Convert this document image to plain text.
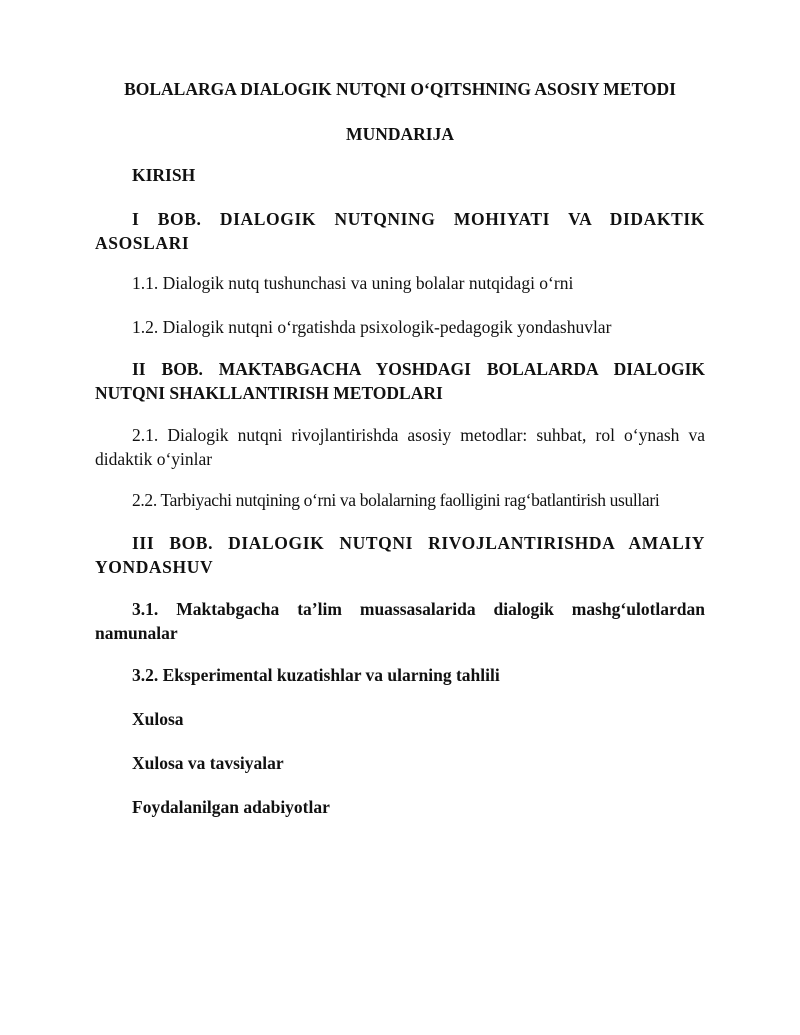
BOLALARGA DIALOGIK NUTQNI O‘QITSHNING ASOSIY METODI
MUNDARIJA
KIRISH
I BOB. DIALOGIK NUTQNING MOHIYATI VA DIDAKTIK ASOSLARI
1.1. Dialogik nutq tushunchasi va uning bolalar nutqidagi o‘rni
1.2. Dialogik nutqni o‘rgatishda psixologik-pedagogik yondashuvlar
II BOB. MAKTABGACHA YOSHDAGI BOLALARDA DIALOGIK NUTQNI SHAKLLANTIRISH METODLARI
2.1. Dialogik nutqni rivojlantirishda asosiy metodlar: suhbat, rol o‘ynash va didaktik o‘yinlar
2.2. Tarbiyachi nutqining o‘rni va bolalarning faolligini rag‘batlantirish usullari
III BOB. DIALOGIK NUTQNI RIVOJLANTIRISHDA AMALIY YONDASHUV
3.1. Maktabgacha ta’lim muassasalarida dialogik mashg‘ulotlardan namunalar
3.2. Eksperimental kuzatishlar va ularning tahlili
Xulosa
Xulosa va tavsiyalar
Foydalanilgan adabiyotlar
